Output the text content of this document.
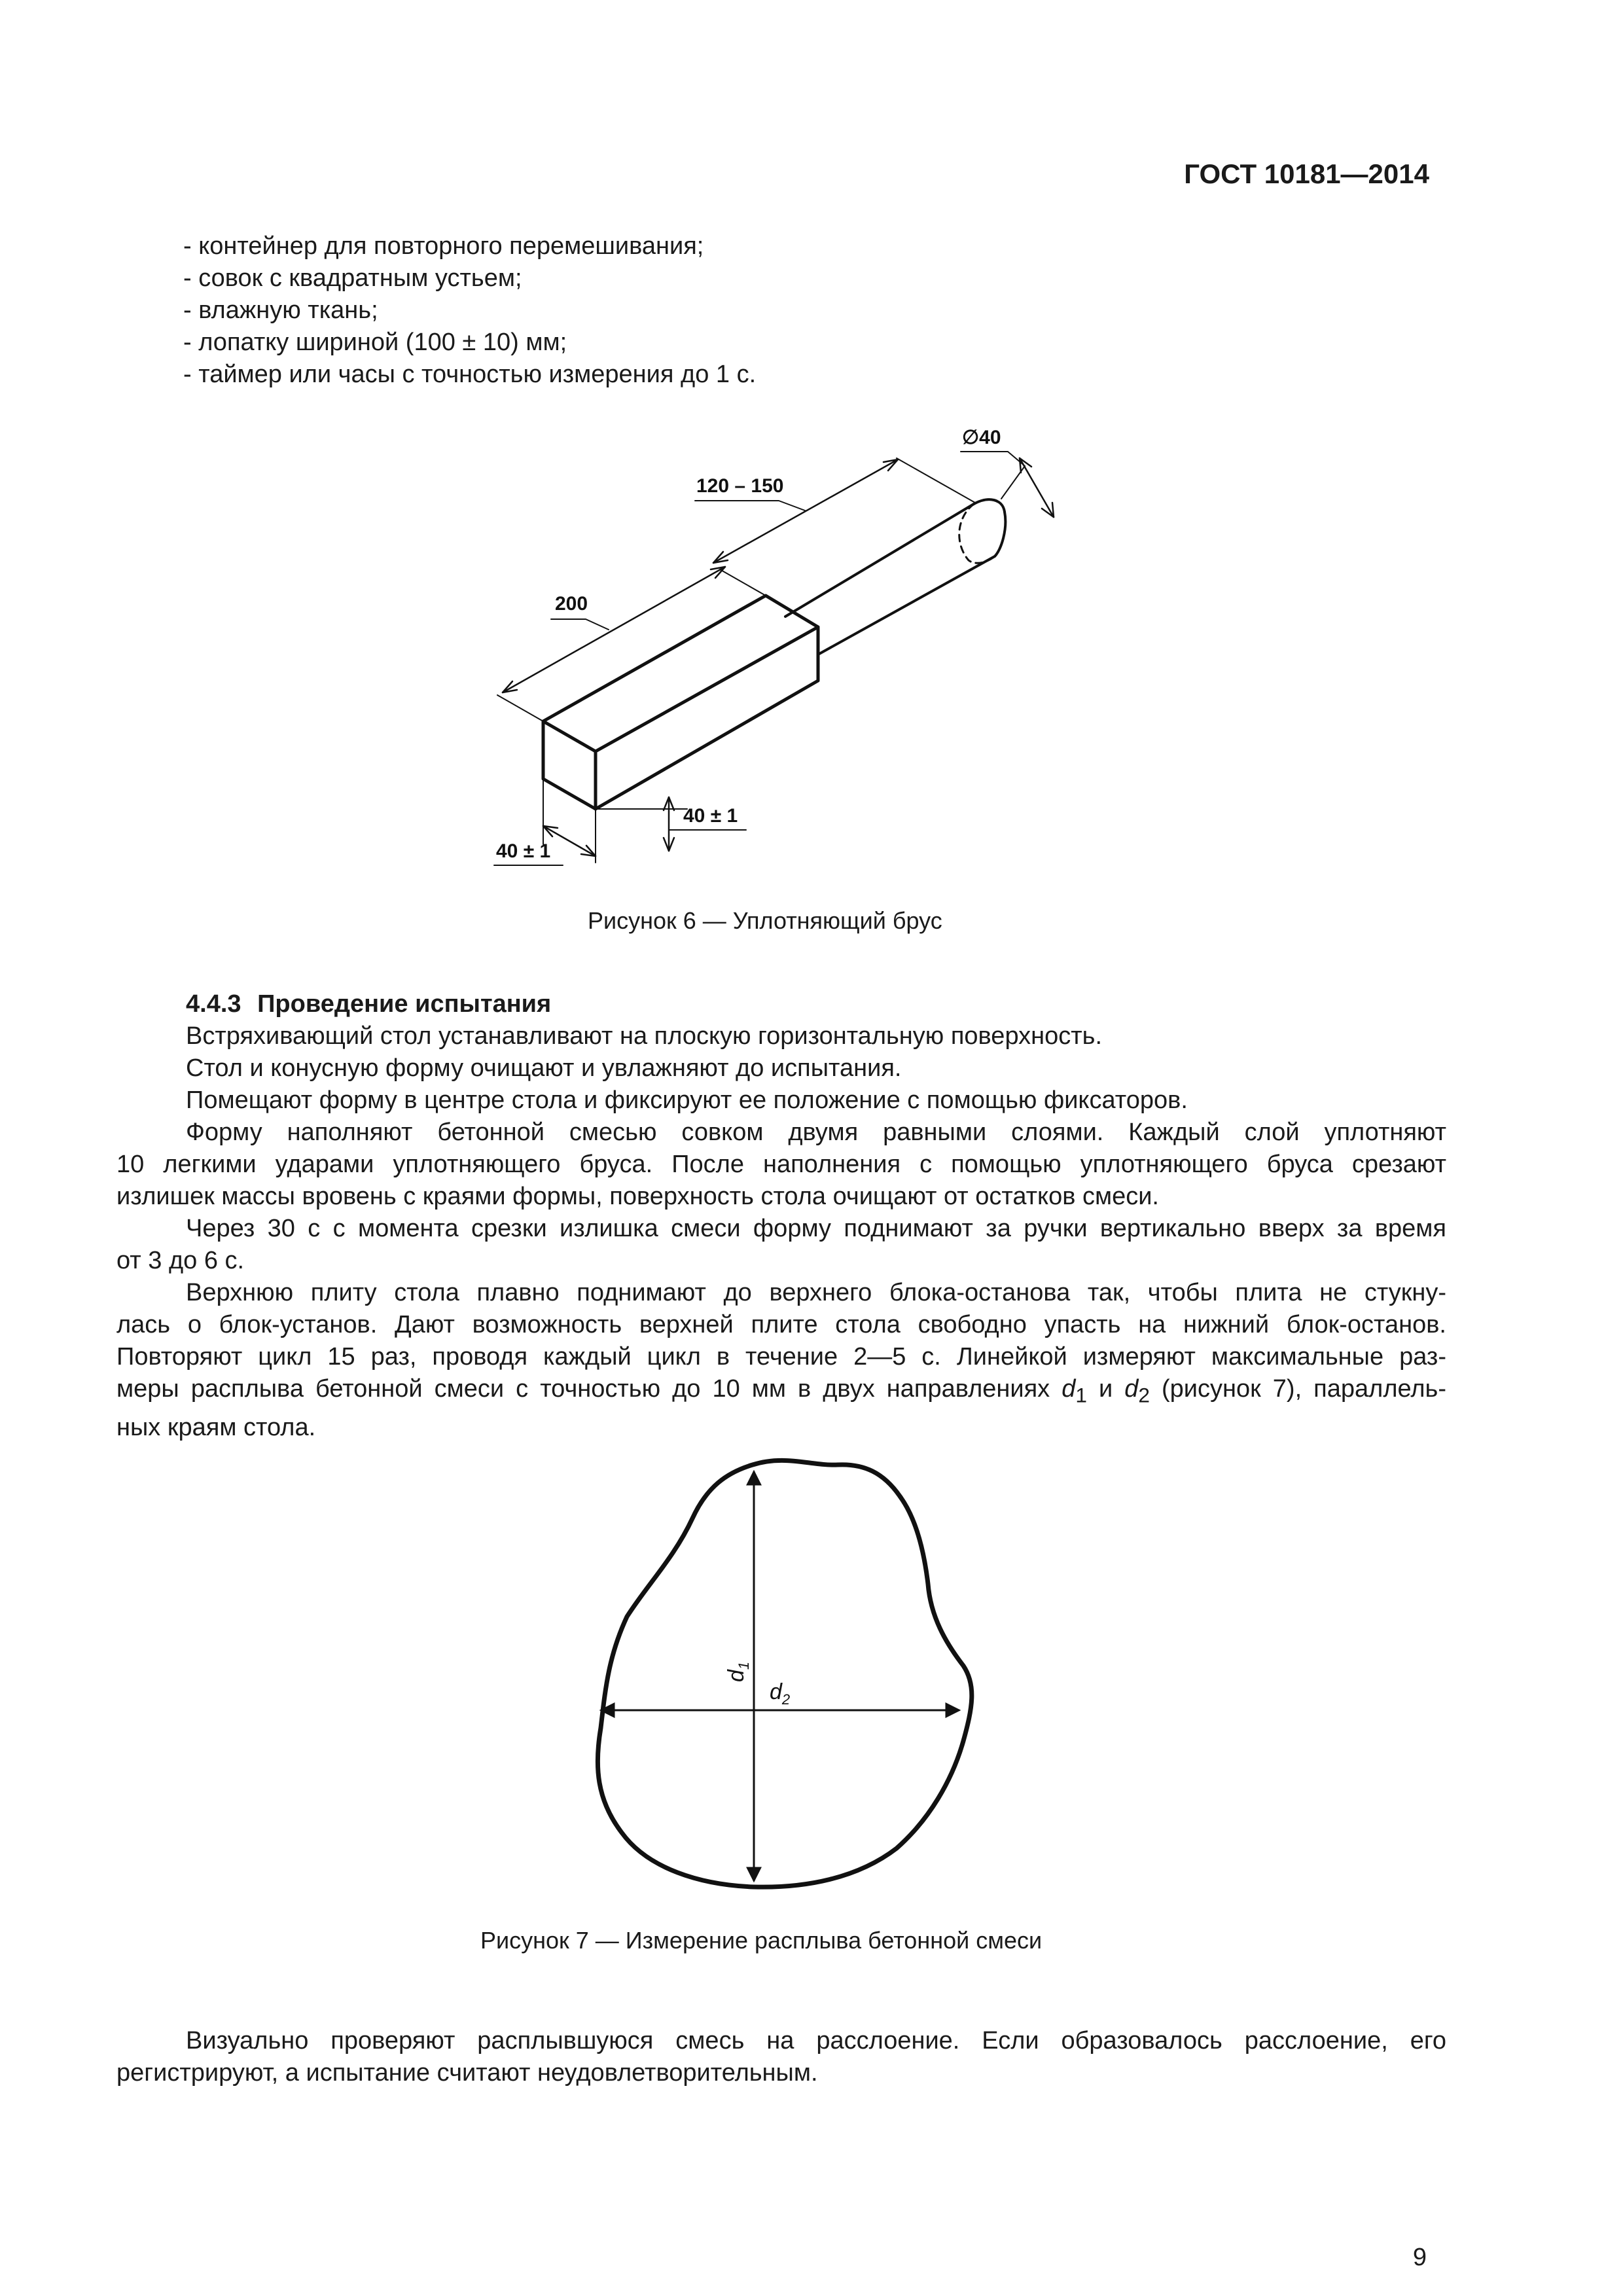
ГОСТ 10181—2014
- контейнер для повторного перемешивания;
- совок с квадратным устьем;
- влажную ткань;
- лопатку шириной (100 ± 10) мм;
- таймер или часы с точностью измерения до 1 с.
∅40
120 – 150
200
40 ± 1
40 ± 1
Рисунок 6 — Уплотняющий брус
4.4.3 Проведение испытания
Встряхивающий стол устанавливают на плоскую горизонтальную поверхность.
Стол и конусную форму очищают и увлажняют до испытания.
Помещают форму в центре стола и фиксируют ее положение с помощью фиксаторов.
Форму наполняют бетонной смесью совком двумя равными слоями. Каждый слой уплотняют
10 легкими ударами уплотняющего бруса. После наполнения с помощью уплотняющего бруса срезают
излишек массы вровень с краями формы, поверхность стола очищают от остатков смеси.
Через 30 с с момента срезки излишка смеси форму поднимают за ручки вертикально вверх за время
от 3 до 6 с.
Верхнюю плиту стола плавно поднимают до верхнего блока-останова так, чтобы плита не стукну-
лась о блок-установ. Дают возможность верхней плите стола свободно упасть на нижний блок-останов.
Повторяют цикл 15 раз, проводя каждый цикл в течение 2—5 с. Линейкой измеряют максимальные раз-
меры расплыва бетонной смеси с точностью до 10 мм в двух направлениях $d_1$ и $d_2$ (рисунок 7), параллель-
ных краям стола.
$d_1$
$d_2$
Рисунок 7 — Измерение расплыва бетонной смеси
Визуально проверяют расплывшуюся смесь на расслоение. Если образовалось расслоение, его
регистрируют, а испытание считают неудовлетворительным.
9
